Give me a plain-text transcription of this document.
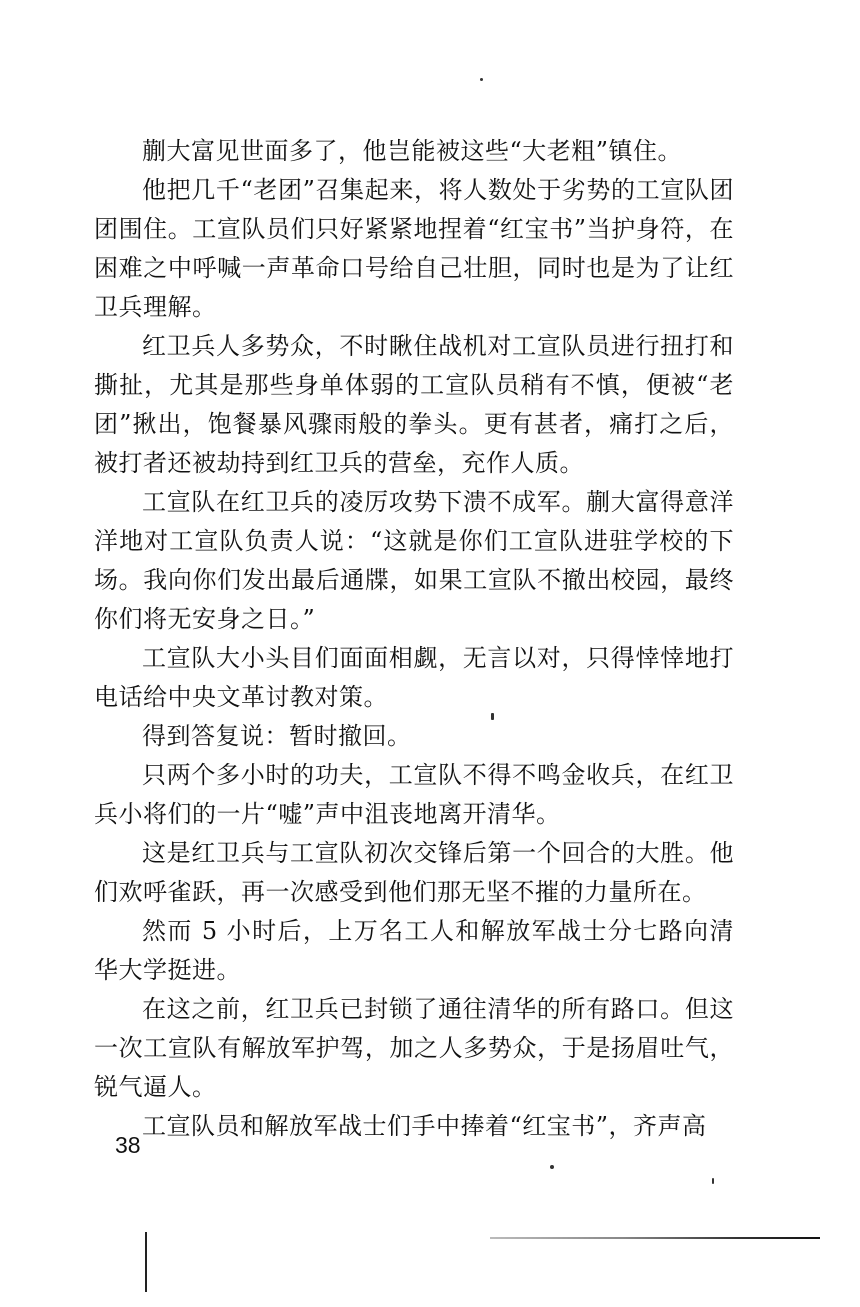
蒯大富见世面多了，他岂能被这些“大老粗”镇住。

他把几千“老团”召集起来，将人数处于劣势的工宣队团团围住。工宣队员们只好紧紧地捏着“红宝书”当护身符，在困难之中呼喊一声革命口号给自己壮胆，同时也是为了让红卫兵理解。

红卫兵人多势众，不时瞅住战机对工宣队员进行扭打和撕扯，尤其是那些身单体弱的工宣队员稍有不慎，便被“老团”揪出，饱餐暴风骤雨般的拳头。更有甚者，痛打之后，被打者还被劫持到红卫兵的营垒，充作人质。

工宣队在红卫兵的凌厉攻势下溃不成军。蒯大富得意洋洋地对工宣队负责人说：“这就是你们工宣队进驻学校的下场。我向你们发出最后通牒，如果工宣队不撤出校园，最终你们将无安身之日。”

工宣队大小头目们面面相觑，无言以对，只得悻悻地打电话给中央文革讨教对策。

得到答复说：暂时撤回。

只两个多小时的功夫，工宣队不得不鸣金收兵，在红卫兵小将们的一片“嘘”声中沮丧地离开清华。

这是红卫兵与工宣队初次交锋后第一个回合的大胜。他们欢呼雀跃，再一次感受到他们那无坚不摧的力量所在。

然而 5 小时后，上万名工人和解放军战士分七路向清华大学挺进。

在这之前，红卫兵已封锁了通往清华的所有路口。但这一次工宣队有解放军护驾，加之人多势众，于是扬眉吐气，锐气逼人。

工宣队员和解放军战士们手中捧着“红宝书”，齐声高

38
